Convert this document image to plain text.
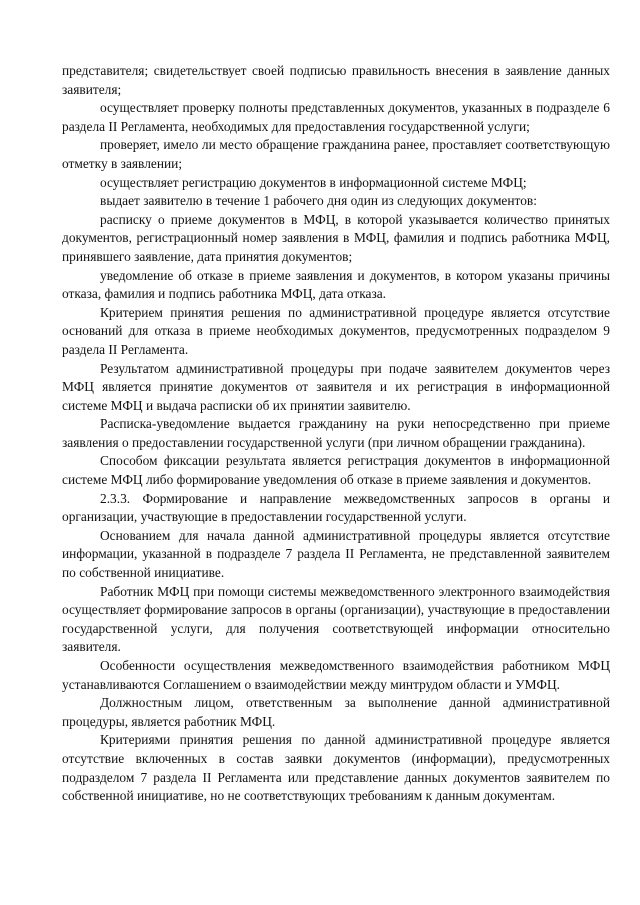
представителя; свидетельствует своей подписью правильность внесения в заявление данных заявителя;

осуществляет проверку полноты представленных документов, указанных в подразделе 6 раздела II Регламента, необходимых для предоставления государственной услуги;

проверяет, имело ли место обращение гражданина ранее, проставляет соответствующую отметку в заявлении;

осуществляет регистрацию документов в информационной системе МФЦ;

выдает заявителю в течение 1 рабочего дня один из следующих документов:

расписку о приеме документов в МФЦ, в которой указывается количество принятых документов, регистрационный номер заявления в МФЦ, фамилия и подпись работника МФЦ, принявшего заявление, дата принятия документов;

уведомление об отказе в приеме заявления и документов, в котором указаны причины отказа, фамилия и подпись работника МФЦ, дата отказа.

Критерием принятия решения по административной процедуре является отсутствие оснований для отказа в приеме необходимых документов, предусмотренных подразделом 9 раздела II Регламента.

Результатом административной процедуры при подаче заявителем документов через МФЦ является принятие документов от заявителя и их регистрация в информационной системе МФЦ и выдача расписки об их принятии заявителю.

Расписка-уведомление выдается гражданину на руки непосредственно при приеме заявления о предоставлении государственной услуги (при личном обращении гражданина).

Способом фиксации результата является регистрация документов в информационной системе МФЦ либо формирование уведомления об отказе в приеме заявления и документов.

2.3.3. Формирование и направление межведомственных запросов в органы и организации, участвующие в предоставлении государственной услуги.

Основанием для начала данной административной процедуры является отсутствие информации, указанной в подразделе 7 раздела II Регламента, не представленной заявителем по собственной инициативе.

Работник МФЦ при помощи системы межведомственного электронного взаимодействия осуществляет формирование запросов в органы (организации), участвующие в предоставлении государственной услуги, для получения соответствующей информации относительно заявителя.

Особенности осуществления межведомственного взаимодействия работником МФЦ устанавливаются Соглашением о взаимодействии между минтрудом области и УМФЦ.

Должностным лицом, ответственным за выполнение данной административной процедуры, является работник МФЦ.

Критериями принятия решения по данной административной процедуре является отсутствие включенных в состав заявки документов (информации), предусмотренных подразделом 7 раздела II Регламента или представление данных документов заявителем по собственной инициативе, но не соответствующих требованиям к данным документам.
